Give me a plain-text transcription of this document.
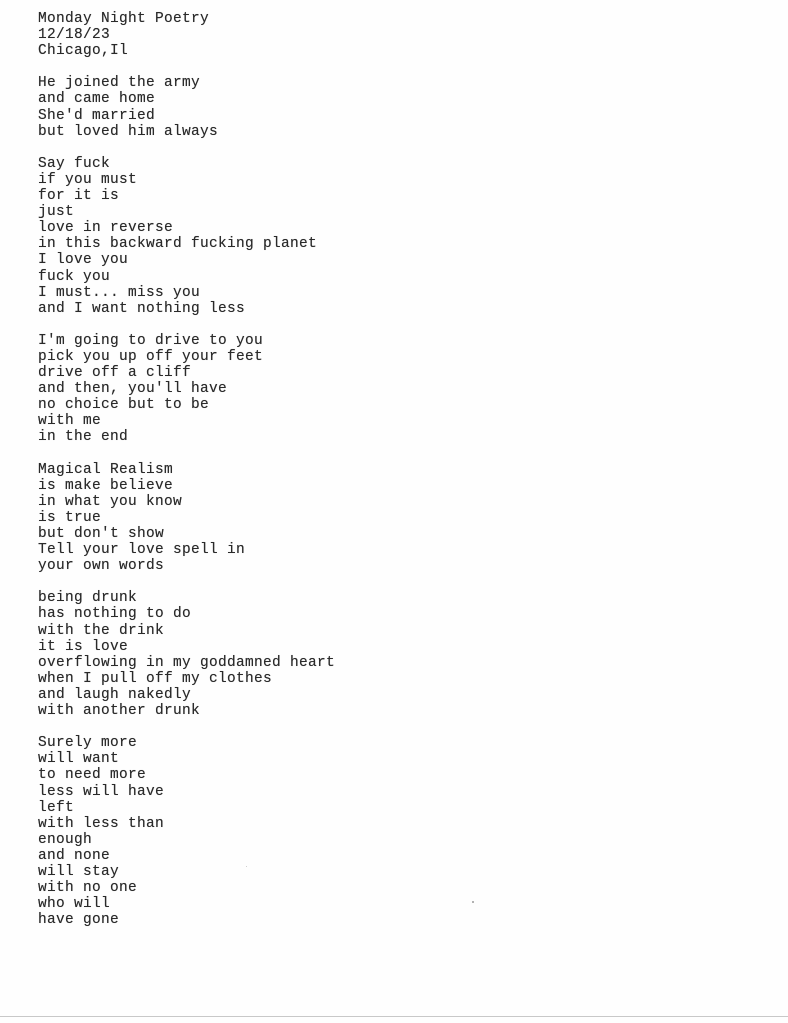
Monday Night Poetry
12/18/23
Chicago,Il
He joined the army
and came home
She'd married
but loved him always
Say fuck
if you must
for it is
just
love in reverse
in this backward fucking planet
I love you
fuck you
I must... miss you
and I want nothing less
I'm going to drive to you
pick you up off your feet
drive off a cliff
and then, you'll have
no choice but to be
with me
in the end
Magical Realism
is make believe
in what you know
is true
but don't show
Tell your love spell in
your own words
being drunk
has nothing to do
with the drink
it is love
overflowing in my goddamned heart
when I pull off my clothes
and laugh nakedly
with another drunk
Surely more
will want
to need more
less will have
left
with less than
enough
and none
will stay
with no one
who will
have gone
